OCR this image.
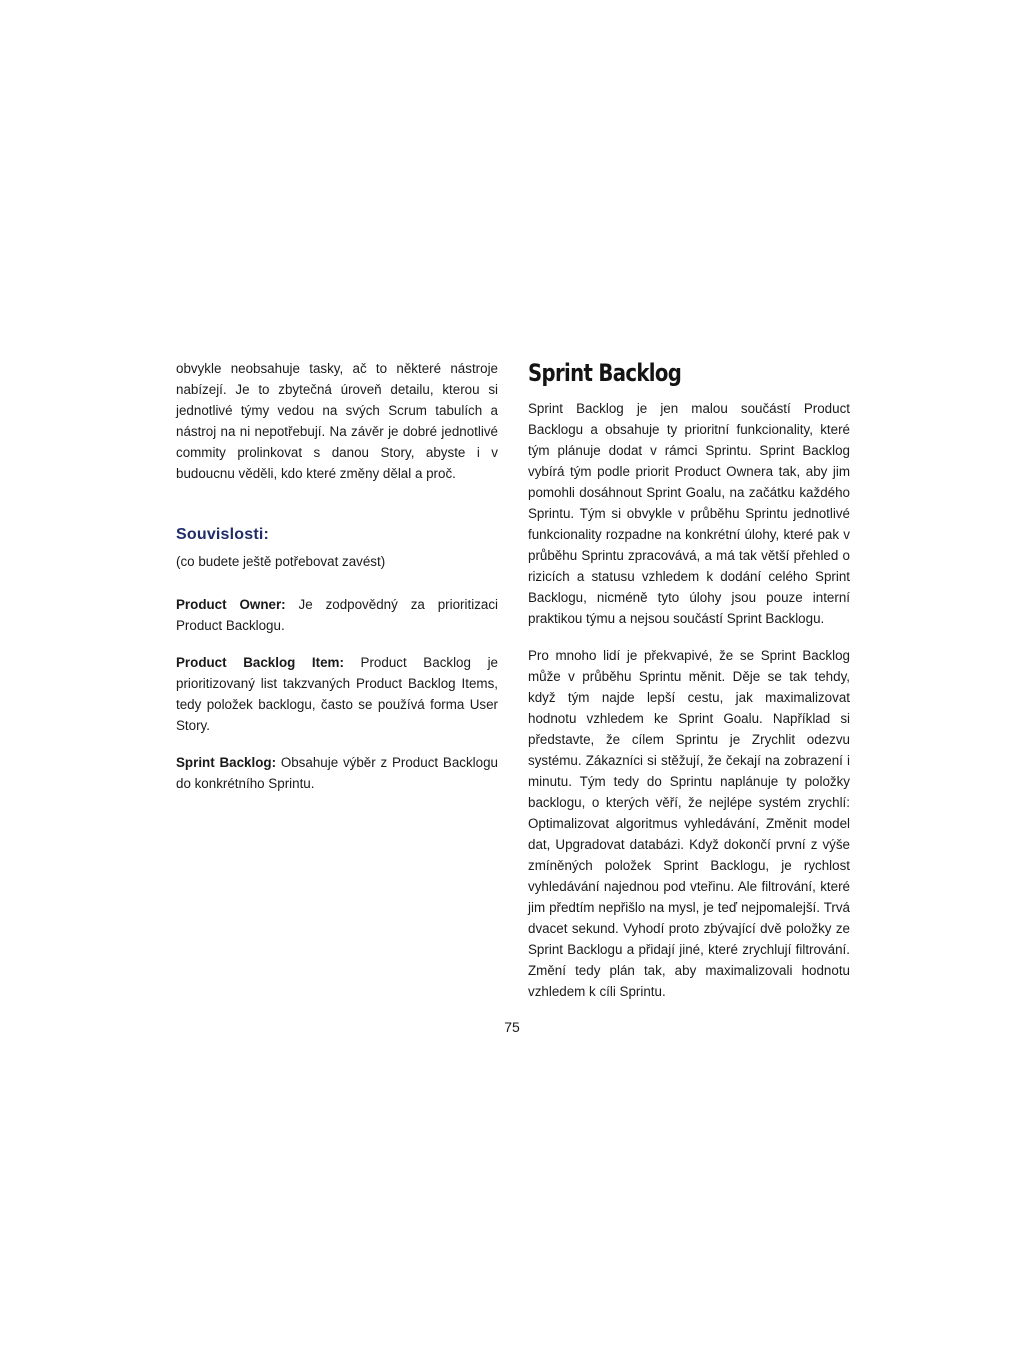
obvykle neobsahuje tasky, ač to některé nástroje nabízejí. Je to zbytečná úroveň detailu, kterou si jednotlivé týmy vedou na svých Scrum tabulích a nástroj na ni nepotřebují. Na závěr je dobré jednotlivé commity prolinkovat s danou Story, abyste i v budoucnu věděli, kdo které změny dělal a proč.

Souvislosti:

(co budete ještě potřebovat zavést)

Product Owner: Je zodpovědný za prioritizaci Product Backlogu.

Product Backlog Item: Product Backlog je prioritizovaný list takzvaných Product Backlog Items, tedy položek backlogu, často se používá forma User Story.

Sprint Backlog: Obsahuje výběr z Product Backlogu do konkrétního Sprintu.

Sprint Backlog

Sprint Backlog je jen malou součástí Product Backlogu a obsahuje ty prioritní funkcionality, které tým plánuje dodat v rámci Sprintu. Sprint Backlog vybírá tým podle priorit Product Ownera tak, aby jim pomohli dosáhnout Sprint Goalu, na začátku každého Sprintu. Tým si obvykle v průběhu Sprintu jednotlivé funkcionality rozpadne na konkrétní úlohy, které pak v průběhu Sprintu zpracovává, a má tak větší přehled o rizicích a statusu vzhledem k dodání celého Sprint Backlogu, nicméně tyto úlohy jsou pouze interní praktikou týmu a nejsou součástí Sprint Backlogu.

Pro mnoho lidí je překvapivé, že se Sprint Backlog může v průběhu Sprintu měnit. Děje se tak tehdy, když tým najde lepší cestu, jak maximalizovat hodnotu vzhledem ke Sprint Goalu. Například si představte, že cílem Sprintu je Zrychlit odezvu systému. Zákazníci si stěžují, že čekají na zobrazení i minutu. Tým tedy do Sprintu naplánuje ty položky backlogu, o kterých věří, že nejlépe systém zrychlí: Optimalizovat algoritmus vyhledávání, Změnit model dat, Upgradovat databázi. Když dokončí první z výše zmíněných položek Sprint Backlogu, je rychlost vyhledávání najednou pod vteřinu. Ale filtrování, které jim předtím nepřišlo na mysl, je teď nejpomalejší. Trvá dvacet sekund. Vyhodí proto zbývající dvě položky ze Sprint Backlogu a přidají jiné, které zrychlují filtrování. Změní tedy plán tak, aby maximalizovali hodnotu vzhledem k cíli Sprintu.

75
